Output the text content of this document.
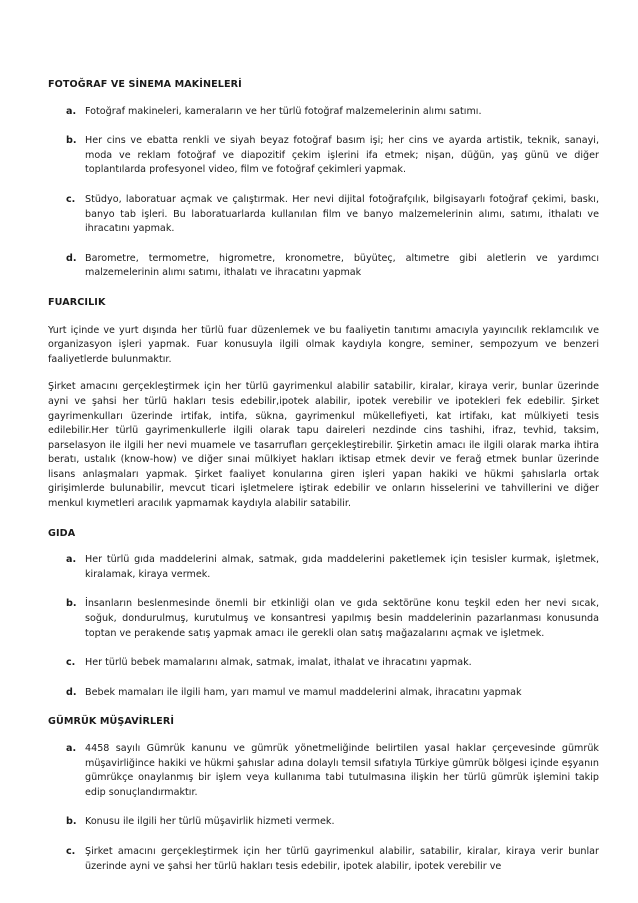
FOTOĞRAF VE SİNEMA MAKİNELERİ

a. Fotoğraf makineleri, kameraların ve her türlü fotoğraf malzemelerinin alımı satımı.
b. Her cins ve ebatta renkli ve siyah beyaz fotoğraf basım işi; her cins ve ayarda artistik, teknik, sanayi, moda ve reklam fotoğraf ve diapozitif çekim işlerini ifa etmek; nişan, düğün, yaş günü ve diğer toplantılarda profesyonel video, film ve fotoğraf çekimleri yapmak.
c. Stüdyo, laboratuar açmak ve çalıştırmak. Her nevi dijital fotoğrafçılık, bilgisayarlı fotoğraf çekimi, baskı, banyo tab işleri. Bu laboratuarlarda kullanılan film ve banyo malzemelerinin alımı, satımı, ithalatı ve ihracatını yapmak.
d. Barometre, termometre, higrometre, kronometre, büyüteç, altımetre gibi aletlerin ve yardımcı malzemelerinin alımı satımı, ithalatı ve ihracatını yapmak

FUARCILIK

Yurt içinde ve yurt dışında her türlü fuar düzenlemek ve bu faaliyetin tanıtımı amacıyla yayıncılık reklamcılık ve organizasyon işleri yapmak. Fuar konusuyla ilgili olmak kaydıyla kongre, seminer, sempozyum ve benzeri faaliyetlerde bulunmaktır.

Şirket amacını gerçekleştirmek için her türlü gayrimenkul alabilir satabilir, kiralar, kiraya verir, bunlar üzerinde ayni ve şahsi her türlü hakları tesis edebilir,ipotek alabilir, ipotek verebilir ve ipotekleri fek edebilir. Şirket gayrimenkulları üzerinde irtifak, intifa, sükna, gayrimenkul mükellefiyeti, kat irtifakı, kat mülkiyeti tesis edilebilir.Her türlü gayrimenkullerle ilgili olarak tapu daireleri nezdinde cins tashihi, ifraz, tevhid, taksim, parselasyon ile ilgili her nevi muamele ve tasarrufları gerçekleştirebilir. Şirketin amacı ile ilgili olarak marka ihtira beratı, ustalık (know-how) ve diğer sınai mülkiyet hakları iktisap etmek devir ve ferağ etmek bunlar üzerinde lisans anlaşmaları yapmak. Şirket faaliyet konularına giren işleri yapan hakiki ve hükmi şahıslarla ortak girişimlerde bulunabilir, mevcut ticari işletmelere iştirak edebilir ve onların hisselerini ve tahvillerini ve diğer menkul kıymetleri aracılık yapmamak kaydıyla alabilir satabilir.

GIDA

a. Her türlü gıda maddelerini almak, satmak, gıda maddelerini paketlemek için tesisler kurmak, işletmek, kiralamak, kiraya vermek.
b. İnsanların beslenmesinde önemli bir etkinliği olan ve gıda sektörüne konu teşkil eden her nevi sıcak, soğuk, dondurulmuş, kurutulmuş ve konsantresi yapılmış besin maddelerinin pazarlanması konusunda toptan ve perakende satış yapmak amacı ile gerekli olan satış mağazalarını açmak ve işletmek.
c. Her türlü bebek mamalarını almak, satmak, imalat, ithalat ve ihracatını yapmak.
d. Bebek mamaları ile ilgili ham, yarı mamul ve mamul maddelerini almak, ihracatını yapmak

GÜMRÜK MÜŞAVİRLERİ

a. 4458 sayılı Gümrük kanunu ve gümrük yönetmeliğinde belirtilen yasal haklar çerçevesinde gümrük müşavirliğince hakiki ve hükmi şahıslar adına dolaylı temsil sıfatıyla Türkiye gümrük bölgesi içinde eşyanın gümrükçe onaylanmış bir işlem veya kullanıma tabi tutulmasına ilişkin her türlü gümrük işlemini takip edip sonuçlandırmaktır.
b. Konusu ile ilgili her türlü müşavirlik hizmeti vermek.
c. Şirket amacını gerçekleştirmek için her türlü gayrimenkul alabilir, satabilir, kiralar, kiraya verir bunlar üzerinde ayni ve şahsi her türlü hakları tesis edebilir, ipotek alabilir, ipotek verebilir ve
